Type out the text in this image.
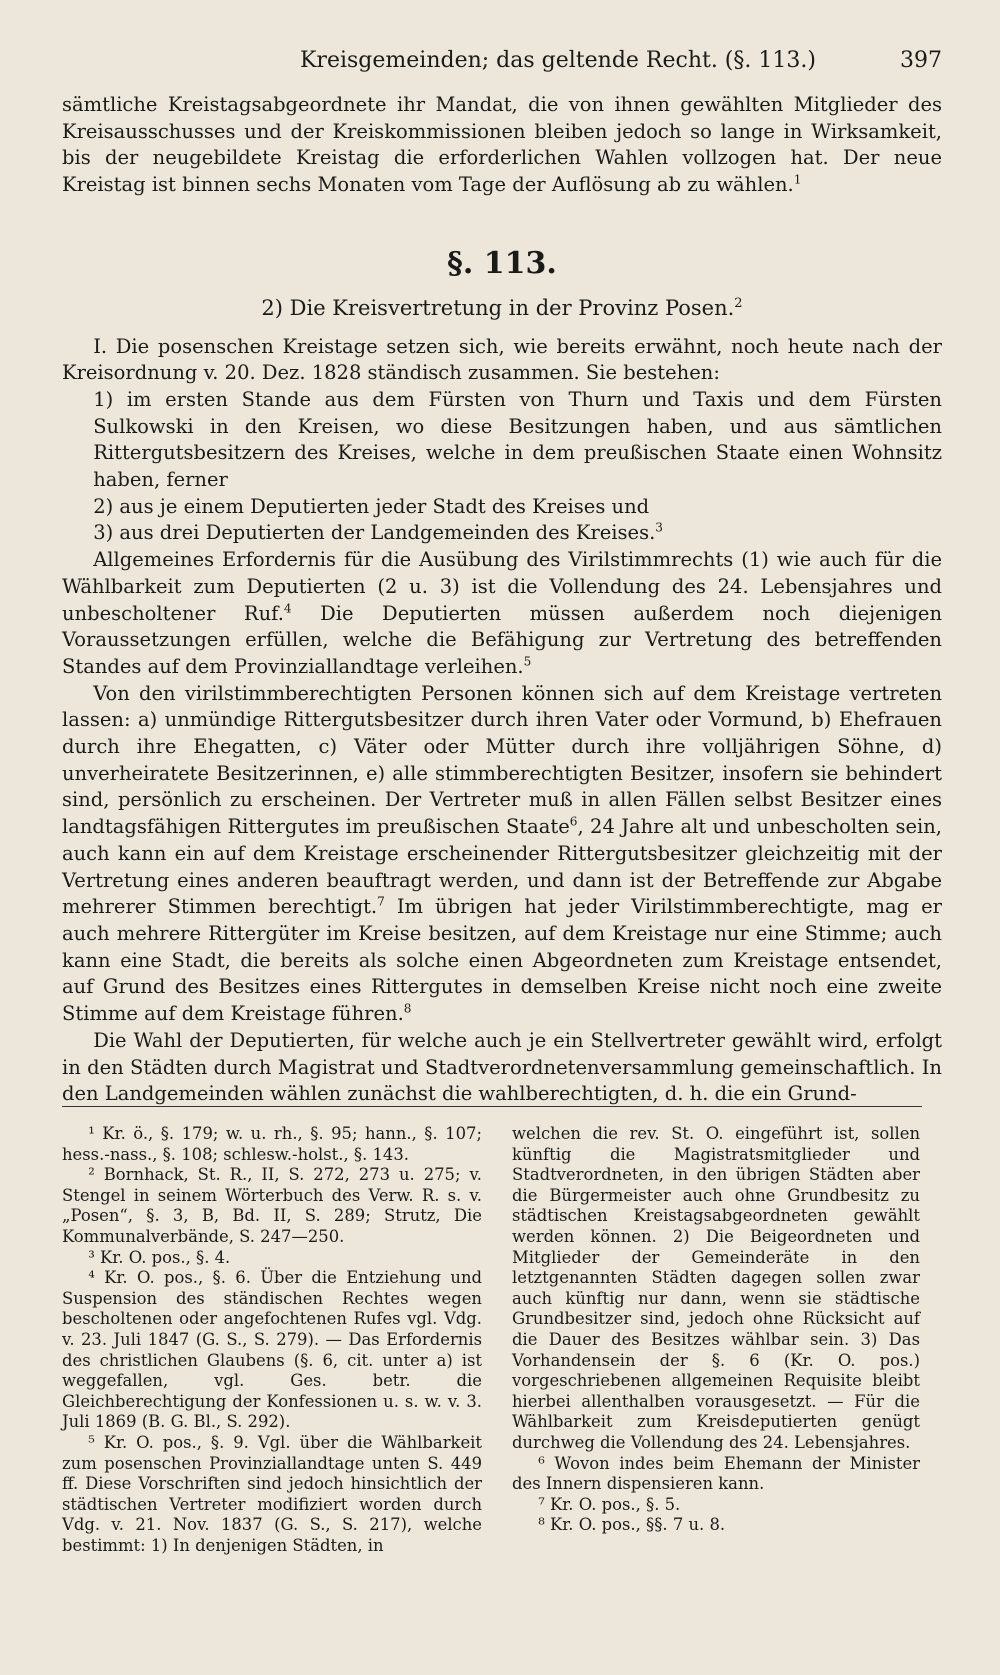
Kreisgemeinden; das geltende Recht. (§. 113.)	397

sämtliche Kreistagsabgeordnete ihr Mandat, die von ihnen gewählten Mitglieder des Kreisausschusses und der Kreiskommissionen bleiben jedoch so lange in Wirksamkeit, bis der neugebildete Kreistag die erforderlichen Wahlen vollzogen hat. Der neue Kreistag ist binnen sechs Monaten vom Tage der Auflösung ab zu wählen.$^1$

§. 113.
2) Die Kreisvertretung in der Provinz Posen.$^2$

I. Die posenschen Kreistage setzen sich, wie bereits erwähnt, noch heute nach der Kreisordnung v. 20. Dez. 1828 ständisch zusammen. Sie bestehen:

1) im ersten Stande aus dem Fürsten von Thurn und Taxis und dem Fürsten Sulkowski in den Kreisen, wo diese Besitzungen haben, und aus sämtlichen Rittergutsbesitzern des Kreises, welche in dem preußischen Staate einen Wohnsitz haben, ferner

2) aus je einem Deputierten jeder Stadt des Kreises und

3) aus drei Deputierten der Landgemeinden des Kreises.$^3$

Allgemeines Erfordernis für die Ausübung des Virilstimmrechts (1) wie auch für die Wählbarkeit zum Deputierten (2 u. 3) ist die Vollendung des 24. Lebensjahres und unbescholtener Ruf.$^4$ Die Deputierten müssen außerdem noch diejenigen Voraussetzungen erfüllen, welche die Befähigung zur Vertretung des betreffenden Standes auf dem Provinziallandtage verleihen.$^5$

Von den virilstimmberechtigten Personen können sich auf dem Kreistage vertreten lassen: a) unmündige Rittergutsbesitzer durch ihren Vater oder Vormund, b) Ehefrauen durch ihre Ehegatten, c) Väter oder Mütter durch ihre volljährigen Söhne, d) unverheiratete Besitzerinnen, e) alle stimmberechtigten Besitzer, insofern sie behindert sind, persönlich zu erscheinen. Der Vertreter muß in allen Fällen selbst Besitzer eines landtagsfähigen Rittergutes im preußischen Staate$^6$, 24 Jahre alt und unbescholten sein, auch kann ein auf dem Kreistage erscheinender Rittergutsbesitzer gleichzeitig mit der Vertretung eines anderen beauftragt werden, und dann ist der Betreffende zur Abgabe mehrerer Stimmen berechtigt.$^7$ Im übrigen hat jeder Virilstimmberechtigte, mag er auch mehrere Rittergüter im Kreise besitzen, auf dem Kreistage nur eine Stimme; auch kann eine Stadt, die bereits als solche einen Abgeordneten zum Kreistage entsendet, auf Grund des Besitzes eines Rittergutes in demselben Kreise nicht noch eine zweite Stimme auf dem Kreistage führen.$^8$

Die Wahl der Deputierten, für welche auch je ein Stellvertreter gewählt wird, erfolgt in den Städten durch Magistrat und Stadtverordnetenversammlung gemeinschaftlich. In den Landgemeinden wählen zunächst die wahlberechtigten, d. h. die ein Grund-

¹ Kr. ö., §. 179; w. u. rh., §. 95; hann., §. 107; hess.-nass., §. 108; schlesw.-holst., §. 143.

² Bornhack, St. R., II, S. 272, 273 u. 275; v. Stengel in seinem Wörterbuch des Verw. R. s. v. „Posen“, §. 3, B, Bd. II, S. 289; Strutz, Die Kommunalverbände, S. 247—250.

³ Kr. O. pos., §. 4.

⁴ Kr. O. pos., §. 6. Über die Entziehung und Suspension des ständischen Rechtes wegen bescholtenen oder angefochtenen Rufes vgl. Vdg. v. 23. Juli 1847 (G. S., S. 279). — Das Erfordernis des christlichen Glaubens (§. 6, cit. unter a) ist weggefallen, vgl. Ges. betr. die Gleichberechtigung der Konfessionen u. s. w. v. 3. Juli 1869 (B. G. Bl., S. 292).

⁵ Kr. O. pos., §. 9. Vgl. über die Wählbarkeit zum posenschen Provinziallandtage unten S. 449 ff. Diese Vorschriften sind jedoch hinsichtlich der städtischen Vertreter modifiziert worden durch Vdg. v. 21. Nov. 1837 (G. S., S. 217), welche bestimmt: 1) In denjenigen Städten, in

welchen die rev. St. O. eingeführt ist, sollen künftig die Magistratsmitglieder und Stadtverordneten, in den übrigen Städten aber die Bürgermeister auch ohne Grundbesitz zu städtischen Kreistagsabgeordneten gewählt werden können. 2) Die Beigeordneten und Mitglieder der Gemeinderäte in den letztgenannten Städten dagegen sollen zwar auch künftig nur dann, wenn sie städtische Grundbesitzer sind, jedoch ohne Rücksicht auf die Dauer des Besitzes wählbar sein. 3) Das Vorhandensein der §. 6 (Kr. O. pos.) vorgeschriebenen allgemeinen Requisite bleibt hierbei allenthalben vorausgesetzt. — Für die Wählbarkeit zum Kreisdeputierten genügt durchweg die Vollendung des 24. Lebensjahres.

⁶ Wovon indes beim Ehemann der Minister des Innern dispensieren kann.

⁷ Kr. O. pos., §. 5.

⁸ Kr. O. pos., §§. 7 u. 8.
